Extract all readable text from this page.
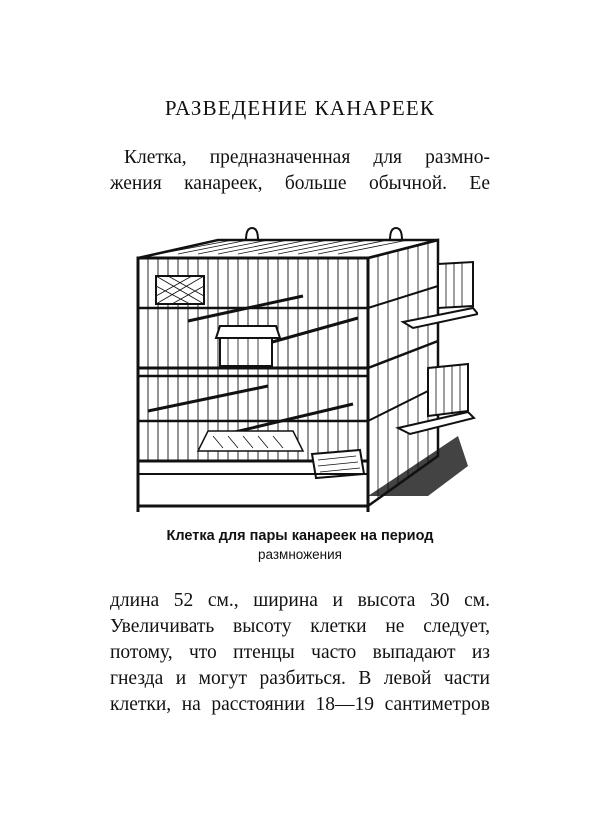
РАЗВЕДЕНИЕ КАНАРЕЕК
Клетка, предназначенная для размно-
жения канареек, больше обычной. Ее
Клетка для пары канареек на период
размножения
длина 52 см., ширина и высота 30 см.
Увеличивать высоту клетки не следует,
потому, что птенцы часто выпадают из
гнезда и могут разбиться. В левой части
клетки, на расстоянии 18—19 сантиметров
